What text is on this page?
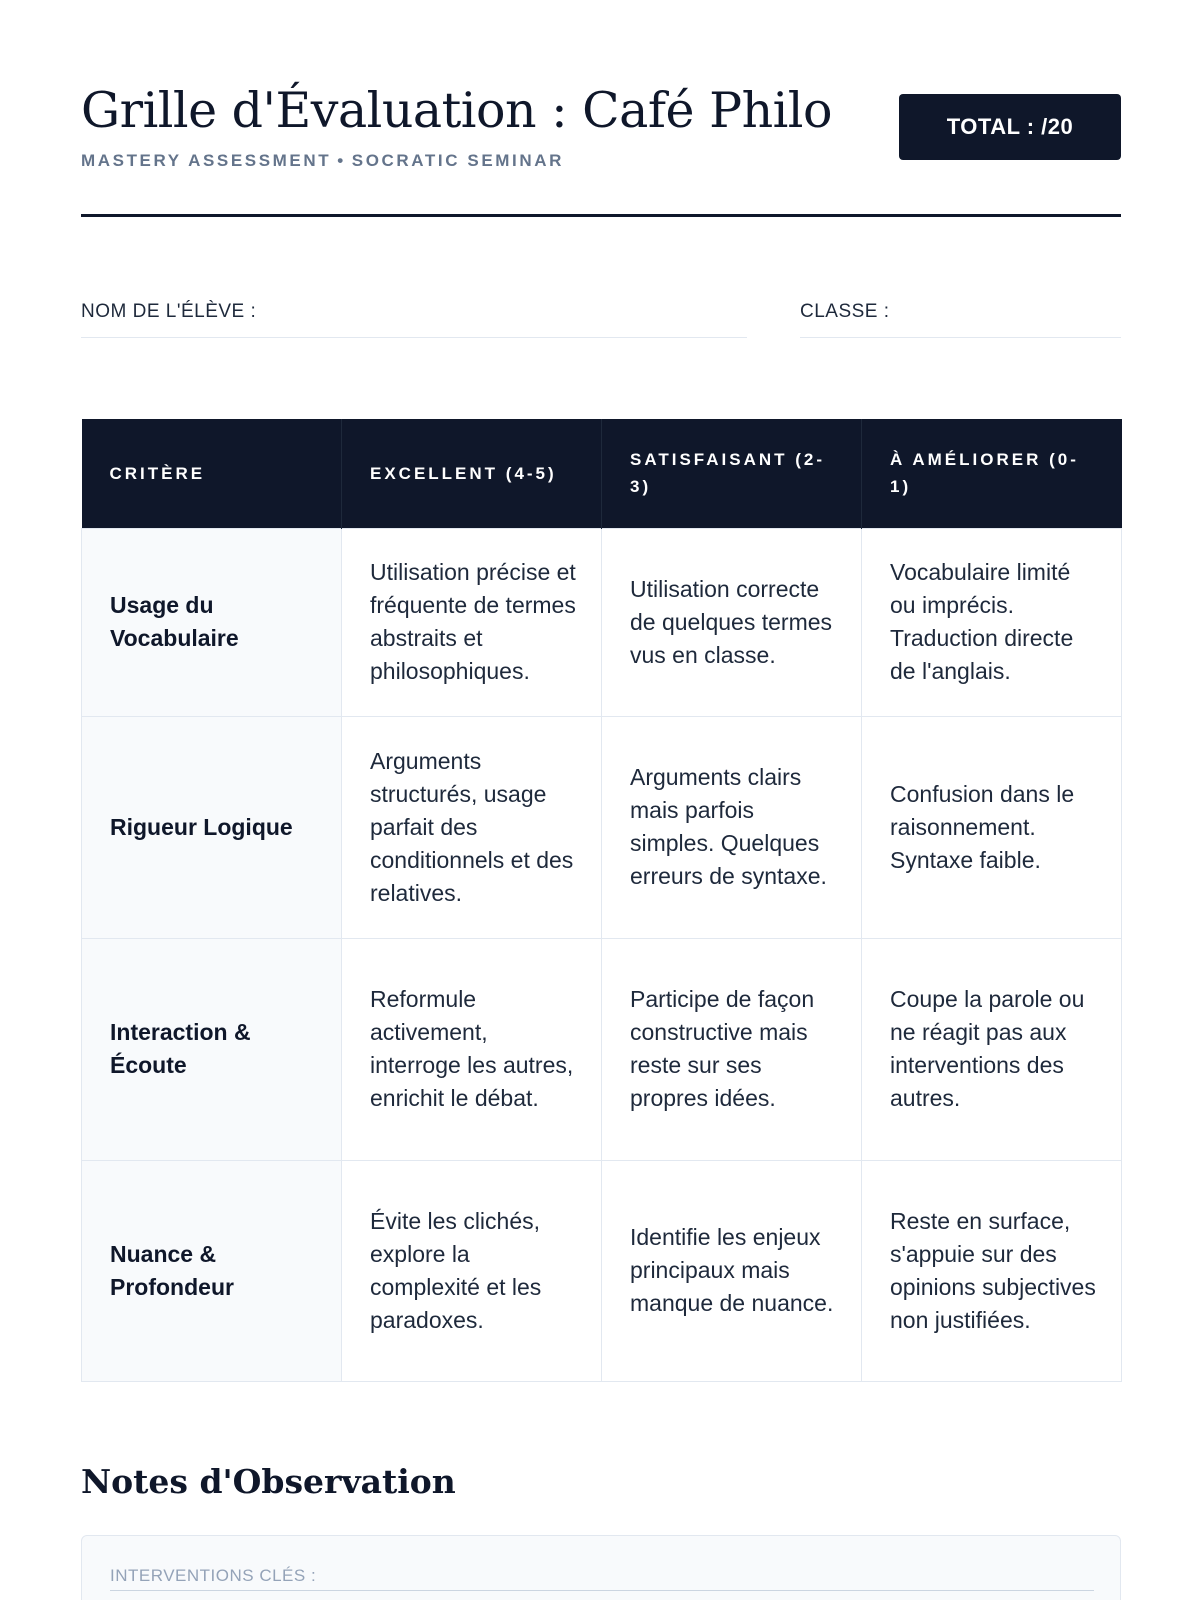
Grille d'Évaluation : Café Philo
MASTERY ASSESSMENT • SOCRATIC SEMINAR
TOTAL : /20
NOM DE L'ÉLÈVE :	CLASSE :
CRITÈRE	EXCELLENT (4-5)	SATISFAISANT (2-3)	À AMÉLIORER (0-1)
Usage du Vocabulaire	Utilisation précise et fréquente de termes abstraits et philosophiques.	Utilisation correcte de quelques termes vus en classe.	Vocabulaire limité ou imprécis. Traduction directe de l'anglais.
Rigueur Logique	Arguments structurés, usage parfait des conditionnels et des relatives.	Arguments clairs mais parfois simples. Quelques erreurs de syntaxe.	Confusion dans le raisonnement. Syntaxe faible.
Interaction & Écoute	Reformule activement, interroge les autres, enrichit le débat.	Participe de façon constructive mais reste sur ses propres idées.	Coupe la parole ou ne réagit pas aux interventions des autres.
Nuance & Profondeur	Évite les clichés, explore la complexité et les paradoxes.	Identifie les enjeux principaux mais manque de nuance.	Reste en surface, s'appuie sur des opinions subjectives non justifiées.
Notes d'Observation
INTERVENTIONS CLÉS :
